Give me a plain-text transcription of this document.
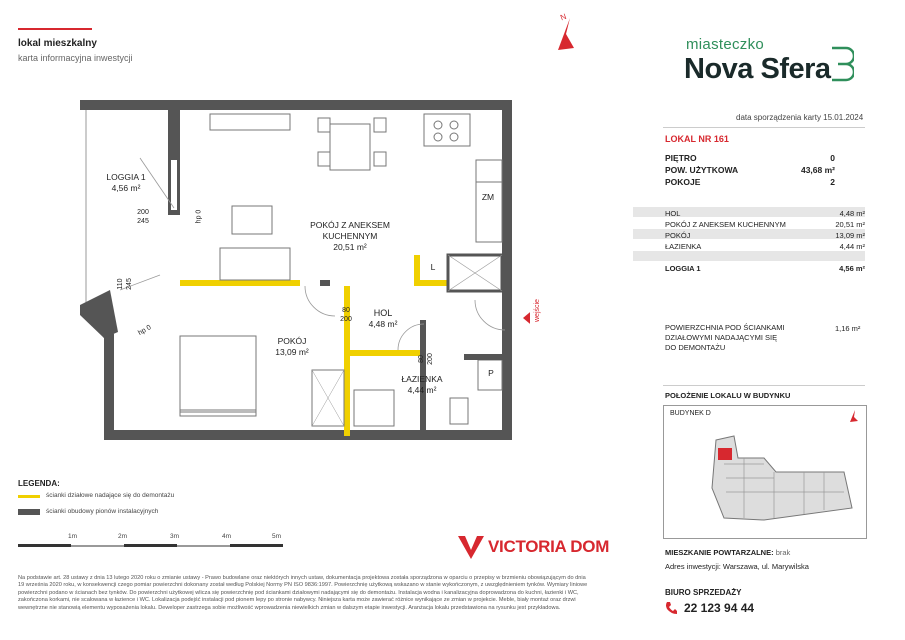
lokal mieszkalny
karta informacyjna inwestycji
N
miasteczko
Nova Sfera
data sporządzenia karty 15.01.2024
LOKAL NR 161
PIĘTRO	0
POW. UŻYTKOWA	43,68 m²
POKOJE	2
HOL	4,48 m²
POKÓJ Z ANEKSEM KUCHENNYM	20,51 m²
POKÓJ	13,09 m²
ŁAZIENKA	4,44 m²
LOGGIA 1	4,56 m²
POWIERZCHNIA POD ŚCIANKAMI
DZIAŁOWYMI NADAJĄCYMI SIĘ
DO DEMONTAŻU
1,16 m²
POŁOŻENIE LOKALU W BUDYNKU
BUDYNEK D
MIESZKANIE POWTARZALNE: brak
Adres inwestycji: Warszawa, ul. Marywilska
BIURO SPRZEDAŻY
22 123 94 44
LOGGIA 1
4,56 m²
POKÓJ Z ANEKSEM
KUCHENNYM
20,51 m²
HOL
4,48 m²
POKÓJ
13,09 m²
ŁAZIENKA
4,44 m²
ZM
L
P
wejście
200
245	hp 0
110 245
hp 0
80
200
80 200
LEGENDA:
ścianki działowe nadające się do demontażu
ścianki obudowy pionów instalacyjnych
1m	2m	3m	4m	5m
VICTORIA DOM
Na podstawie art. 28 ustawy z dnia 13 lutego 2020 roku o zmianie ustawy - Prawo budowlane oraz niektórych innych ustaw, dokumentacja projektowa została sporządzona w oparciu o przepisy w brzmieniu obowiązującym do dnia 19 września 2020 roku, w konsekwencji czego pomiar powierzchni dokonany został według Polskiej Normy PN ISO 9836:1997. Powierzchnię użytkową wskazano w stanie wykończonym, z uwzględnieniem tynków. Wymiary liniowe powierzchni podano w ścianach bez tynków. Do powierzchni użytkowej wlicza się powierzchnię pod ściankami działowymi nadającymi się do demontażu. Instalacja wodna i kanalizacyjna doprowadzona do kuchni, łazienki i WC, zakończona korkami, nie scalowana w łazience i WC. Lokalizacja podejść instalacji pod pionem lepy po stronie nabywcy. Niniejsza karta może zawierać różnice wynikające ze zmian w projekcie. Meble, biały montaż oraz drzwi wewnętrzne nie stanowią elementu wyposażenia lokalu. Deweloper zastrzega sobie możliwość wprowadzenia niewielkich zmian w dalszym etapie inwestycji. Aranżacja lokalu przedstawiona na rysunku jest przykładowa.
